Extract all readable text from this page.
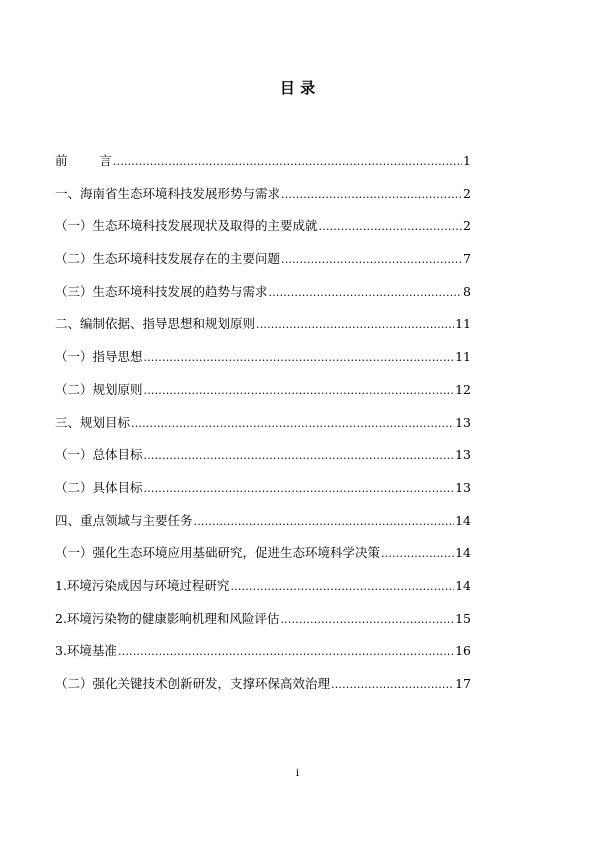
目 录
前        言 .....	1
一、海南省生态环境科技发展形势与需求 .....	2
（一）生态环境科技发展现状及取得的主要成就 .....	2
（二）生态环境科技发展存在的主要问题 .....	7
（三）生态环境科技发展的趋势与需求 .....	8
二、编制依据、指导思想和规划原则 .....	11
（一）指导思想 .....	11
（二）规划原则 .....	12
三、规划目标 .....	13
（一）总体目标 .....	13
（二）具体目标 .....	13
四、重点领域与主要任务 .....	14
（一）强化生态环境应用基础研究，促进生态环境科学决策 .....	14
1.环境污染成因与环境过程研究 .....	14
2.环境污染物的健康影响机理和风险评估 .....	15
3.环境基准 .....	16
（二）强化关键技术创新研发，支撑环保高效治理 .....	17
i
